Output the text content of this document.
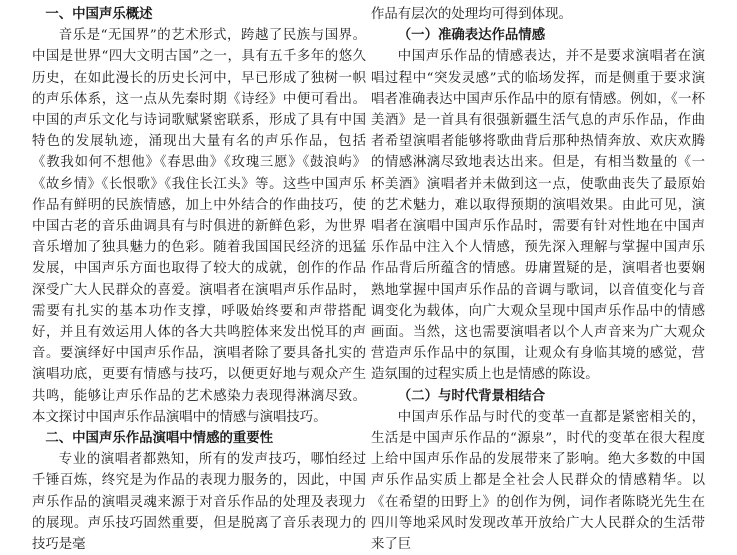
一、中国声乐概述

音乐是“无国界”的艺术形式，跨越了民族与国界。中国是世界“四大文明古国”之一，具有五千多年的悠久历史，在如此漫长的历史长河中，早已形成了独树一帜的声乐体系，这一点从先秦时期《诗经》中便可看出。中国的声乐文化与诗词歌赋紧密联系，形成了具有中国特色的发展轨迹，涌现出大量有名的声乐作品，包括《教我如何不想他》《春思曲》《玫瑰三愿》《鼓浪屿》《故乡情》《长恨歌》《我住长江头》等。这些中国声乐作品有鲜明的民族情感，加上中外结合的作曲技巧，使中国古老的音乐曲调具有与时俱进的新鲜色彩，为世界音乐增加了独具魅力的色彩。随着我国国民经济的迅猛发展，中国声乐方面也取得了较大的成就，创作的作品深受广大人民群众的喜爱。演唱者在演唱声乐作品时，需要有扎实的基本功作支撑，呼吸始终要和声带搭配好，并且有效运用人体的各大共鸣腔体来发出悦耳的声音。要演绎好中国声乐作品，演唱者除了要具备扎实的演唱功底，更要有情感与技巧，以便更好地与观众产生共鸣，能够让声乐作品的艺术感染力表现得淋漓尽致。本文探讨中国声乐作品演唱中的情感与演唱技巧。

二、中国声乐作品演唱中情感的重要性

专业的演唱者都熟知，所有的发声技巧，哪怕经过千锤百炼，终究是为作品的表现力服务的，因此，中国声乐作品的演唱灵魂来源于对音乐作品的处理及表现力的展现。声乐技巧固然重要，但是脱离了音乐表现力的技巧是毫

作品有层次的处理均可得到体现。

（一）准确表达作品情感

中国声乐作品的情感表达，并不是要求演唱者在演唱过程中“突发灵感”式的临场发挥，而是侧重于要求演唱者准确表达中国声乐作品中的原有情感。例如，《一杯美酒》是一首具有很强新疆生活气息的声乐作品，作曲者希望演唱者能够将歌曲背后那种热情奔放、欢庆欢腾的情感淋漓尽致地表达出来。但是，有相当数量的《一杯美酒》演唱者并未做到这一点，使歌曲丧失了最原始的艺术魅力，难以取得预期的演唱效果。由此可见，演唱者在演唱中国声乐作品时，需要有针对性地在中国声乐作品中注入个人情感，预先深入理解与掌握中国声乐作品背后所蕴含的情感。毋庸置疑的是，演唱者也要娴熟地掌握中国声乐作品的音调与歌词，以音值变化与音调变化为载体，向广大观众呈现中国声乐作品中的情感画面。当然，这也需要演唱者以个人声音来为广大观众营造声乐作品中的氛围，让观众有身临其境的感觉，营造氛围的过程实质上也是情感的陈设。

（二）与时代背景相结合

中国声乐作品与时代的变革一直都是紧密相关的，生活是中国声乐作品的“源泉”，时代的变革在很大程度上给中国声乐作品的发展带来了影响。绝大多数的中国声乐作品实质上都是全社会人民群众的情感精华。以《在希望的田野上》的创作为例，词作者陈晓光先生在四川等地采风时发现改革开放给广大人民群众的生活带来了巨
